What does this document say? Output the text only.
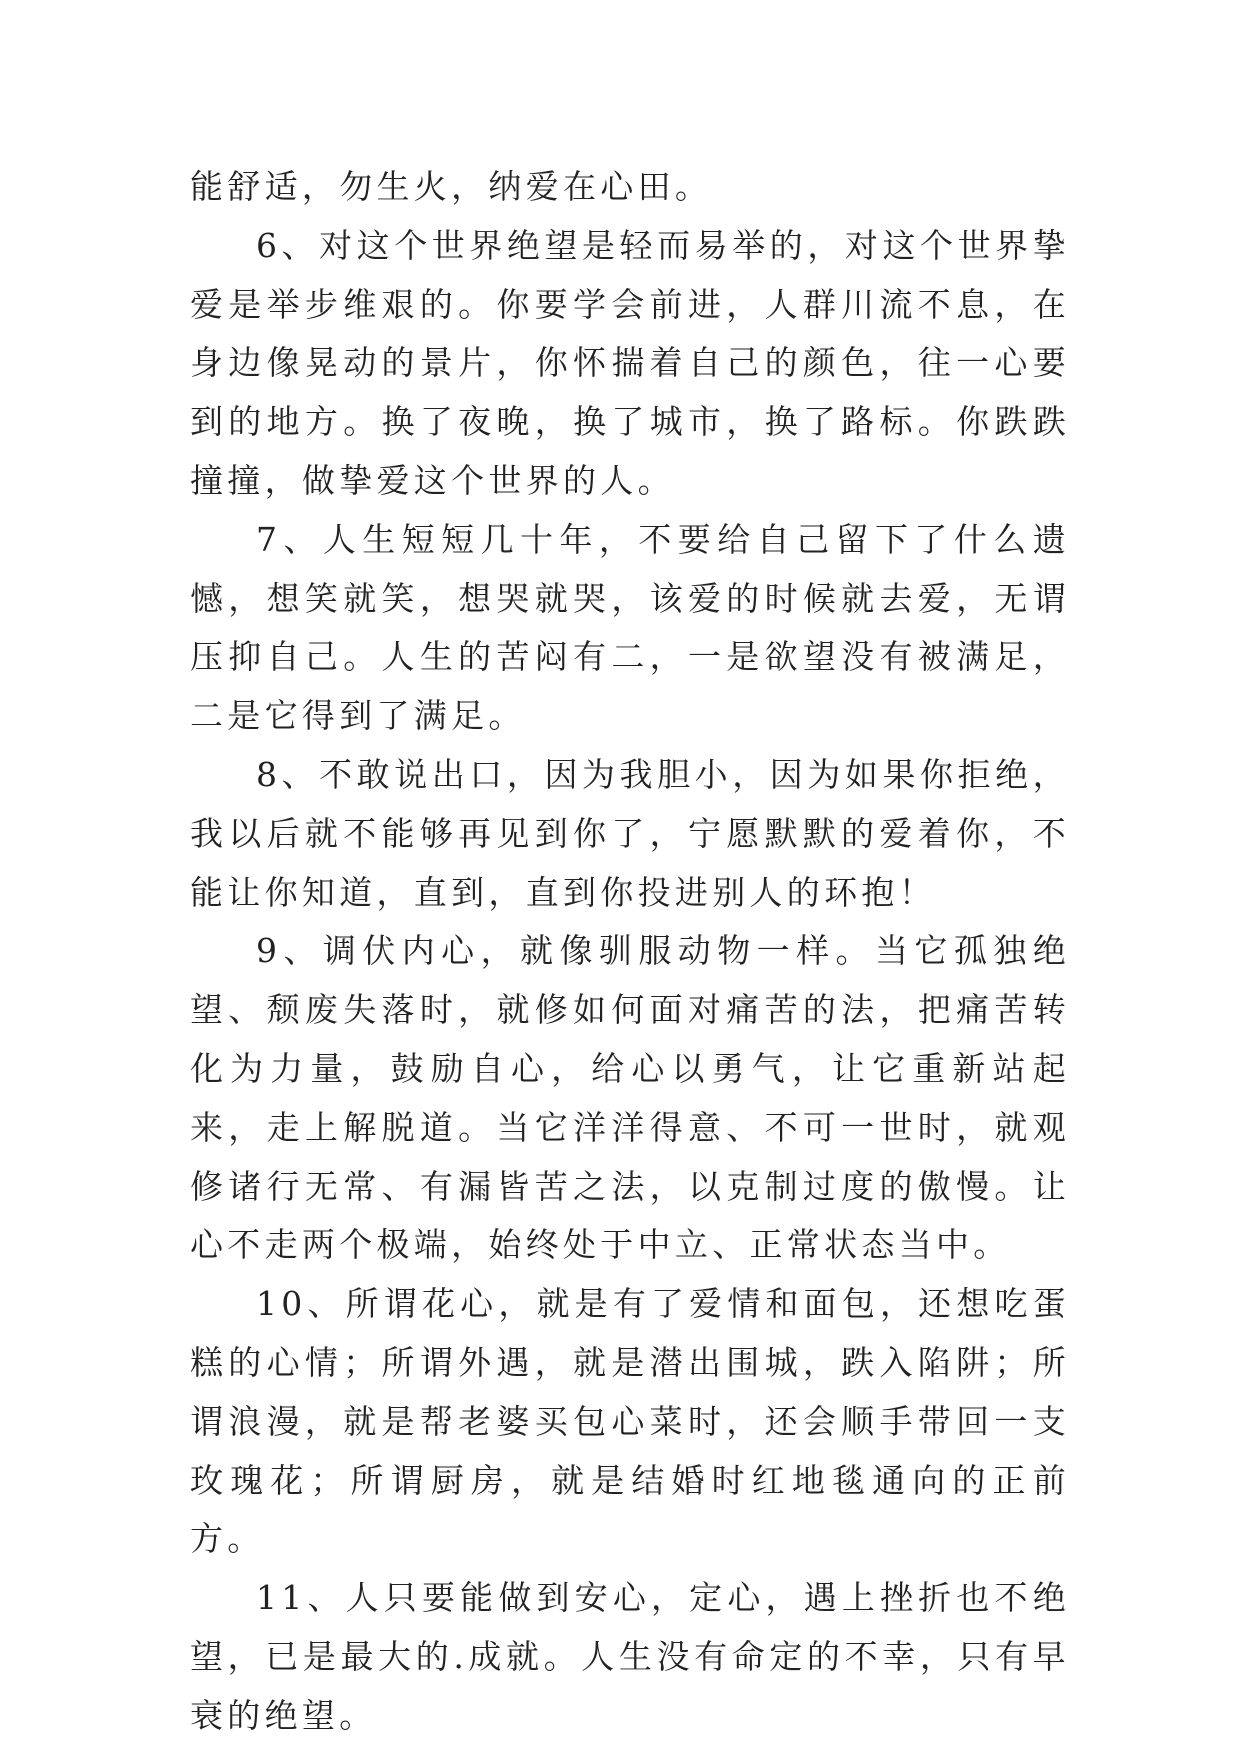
能舒适，勿生火，纳爱在心田。

6、对这个世界绝望是轻而易举的，对这个世界挚爱是举步维艰的。你要学会前进，人群川流不息，在身边像晃动的景片，你怀揣着自己的颜色，往一心要到的地方。换了夜晚，换了城市，换了路标。你跌跌撞撞，做挚爱这个世界的人。

7、人生短短几十年，不要给自己留下了什么遗憾，想笑就笑，想哭就哭，该爱的时候就去爱，无谓压抑自己。人生的苦闷有二，一是欲望没有被满足，二是它得到了满足。

8、不敢说出口，因为我胆小，因为如果你拒绝，我以后就不能够再见到你了，宁愿默默的爱着你，不能让你知道，直到，直到你投进别人的环抱！

9、调伏内心，就像驯服动物一样。当它孤独绝望、颓废失落时，就修如何面对痛苦的法，把痛苦转化为力量，鼓励自心，给心以勇气，让它重新站起来，走上解脱道。当它洋洋得意、不可一世时，就观修诸行无常、有漏皆苦之法，以克制过度的傲慢。让心不走两个极端，始终处于中立、正常状态当中。

10、所谓花心，就是有了爱情和面包，还想吃蛋糕的心情；所谓外遇，就是潜出围城，跌入陷阱；所谓浪漫，就是帮老婆买包心菜时，还会顺手带回一支玫瑰花；所谓厨房，就是结婚时红地毯通向的正前方。

11、人只要能做到安心，定心，遇上挫折也不绝望，已是最大的.成就。人生没有命定的不幸，只有早衰的绝望。
